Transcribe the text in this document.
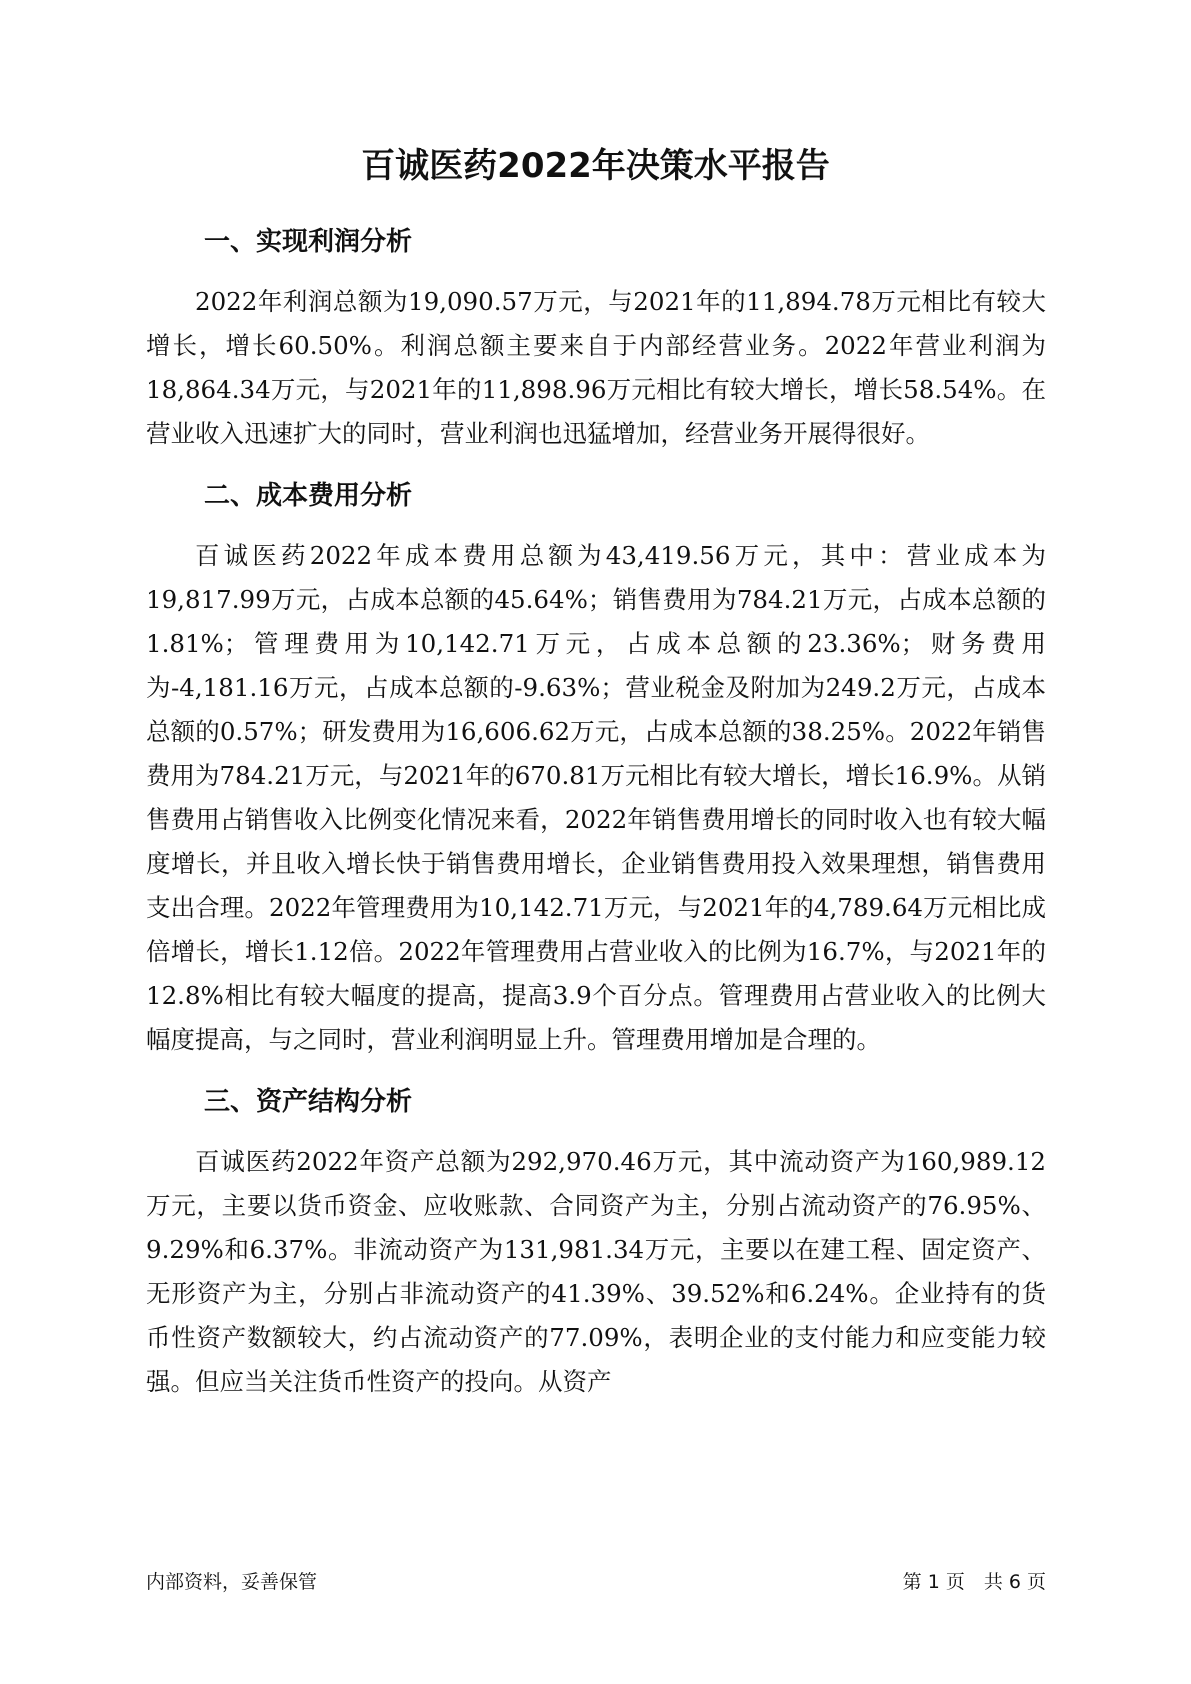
百诚医药2022年决策水平报告
一、实现利润分析

2022年利润总额为19,090.57万元，与2021年的11,894.78万元相比有较大增长，增长60.50%。利润总额主要来自于内部经营业务。2022年营业利润为18,864.34万元，与2021年的11,898.96万元相比有较大增长，增长58.54%。在营业收入迅速扩大的同时，营业利润也迅猛增加，经营业务开展得很好。

二、成本费用分析

百诚医药2022年成本费用总额为43,419.56万元，其中：营业成本为19,817.99万元，占成本总额的45.64%；销售费用为784.21万元，占成本总额的1.81%；管理费用为10,142.71万元，占成本总额的23.36%；财务费用为-4,181.16万元，占成本总额的-9.63%；营业税金及附加为249.2万元，占成本总额的0.57%；研发费用为16,606.62万元，占成本总额的38.25%。2022年销售费用为784.21万元，与2021年的670.81万元相比有较大增长，增长16.9%。从销售费用占销售收入比例变化情况来看，2022年销售费用增长的同时收入也有较大幅度增长，并且收入增长快于销售费用增长，企业销售费用投入效果理想，销售费用支出合理。2022年管理费用为10,142.71万元，与2021年的4,789.64万元相比成倍增长，增长1.12倍。2022年管理费用占营业收入的比例为16.7%，与2021年的12.8%相比有较大幅度的提高，提高3.9个百分点。管理费用占营业收入的比例大幅度提高，与之同时，营业利润明显上升。管理费用增加是合理的。

三、资产结构分析

百诚医药2022年资产总额为292,970.46万元，其中流动资产为160,989.12万元，主要以货币资金、应收账款、合同资产为主，分别占流动资产的76.95%、9.29%和6.37%。非流动资产为131,981.34万元，主要以在建工程、固定资产、无形资产为主，分别占非流动资产的41.39%、39.52%和6.24%。企业持有的货币性资产数额较大，约占流动资产的77.09%，表明企业的支付能力和应变能力较强。但应当关注货币性资产的投向。从资产

内部资料，妥善保管	第 1 页　共 6 页
